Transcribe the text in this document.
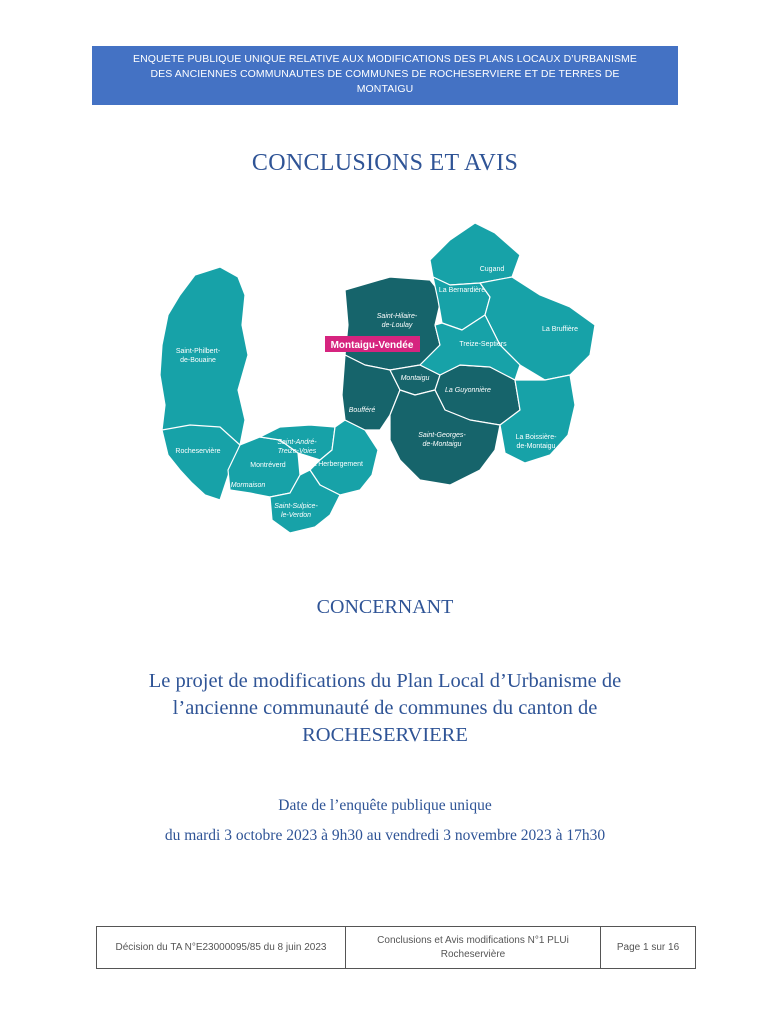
ENQUETE PUBLIQUE UNIQUE RELATIVE AUX MODIFICATIONS DES PLANS LOCAUX D’URBANISME
DES ANCIENNES COMMUNAUTES DE COMMUNES DE ROCHESERVIERE ET DE TERRES DE
MONTAIGU
CONCLUSIONS ET AVIS
Montaigu-Vendée
Saint-Philbert-
de-Bouaine
Rocheservière
Saint-André-
Treize-Voies
Montréverd	L'Herbergement
Mormaison
Saint-Sulpice-
le-Verdon
Saint-Hilaire-
de-Loulay
Cugand
La Bernardière
La Bruffière
Treize-Septiers
Montaigu
La Guyonnière
Boufféré
Saint-Georges-
de-Montaigu
La Boissière-
de-Montaigu
CONCERNANT
Le projet de modifications du Plan Local d’Urbanisme de
l’ancienne communauté de communes du canton de
ROCHESERVIERE
Date de l’enquête publique unique
du mardi 3 octobre 2023 à 9h30 au vendredi 3 novembre 2023 à 17h30
Décision du TA N°E23000095/85 du 8 juin 2023
Conclusions et Avis modifications N°1 PLUi
Rocheservière
Page 1 sur 16
